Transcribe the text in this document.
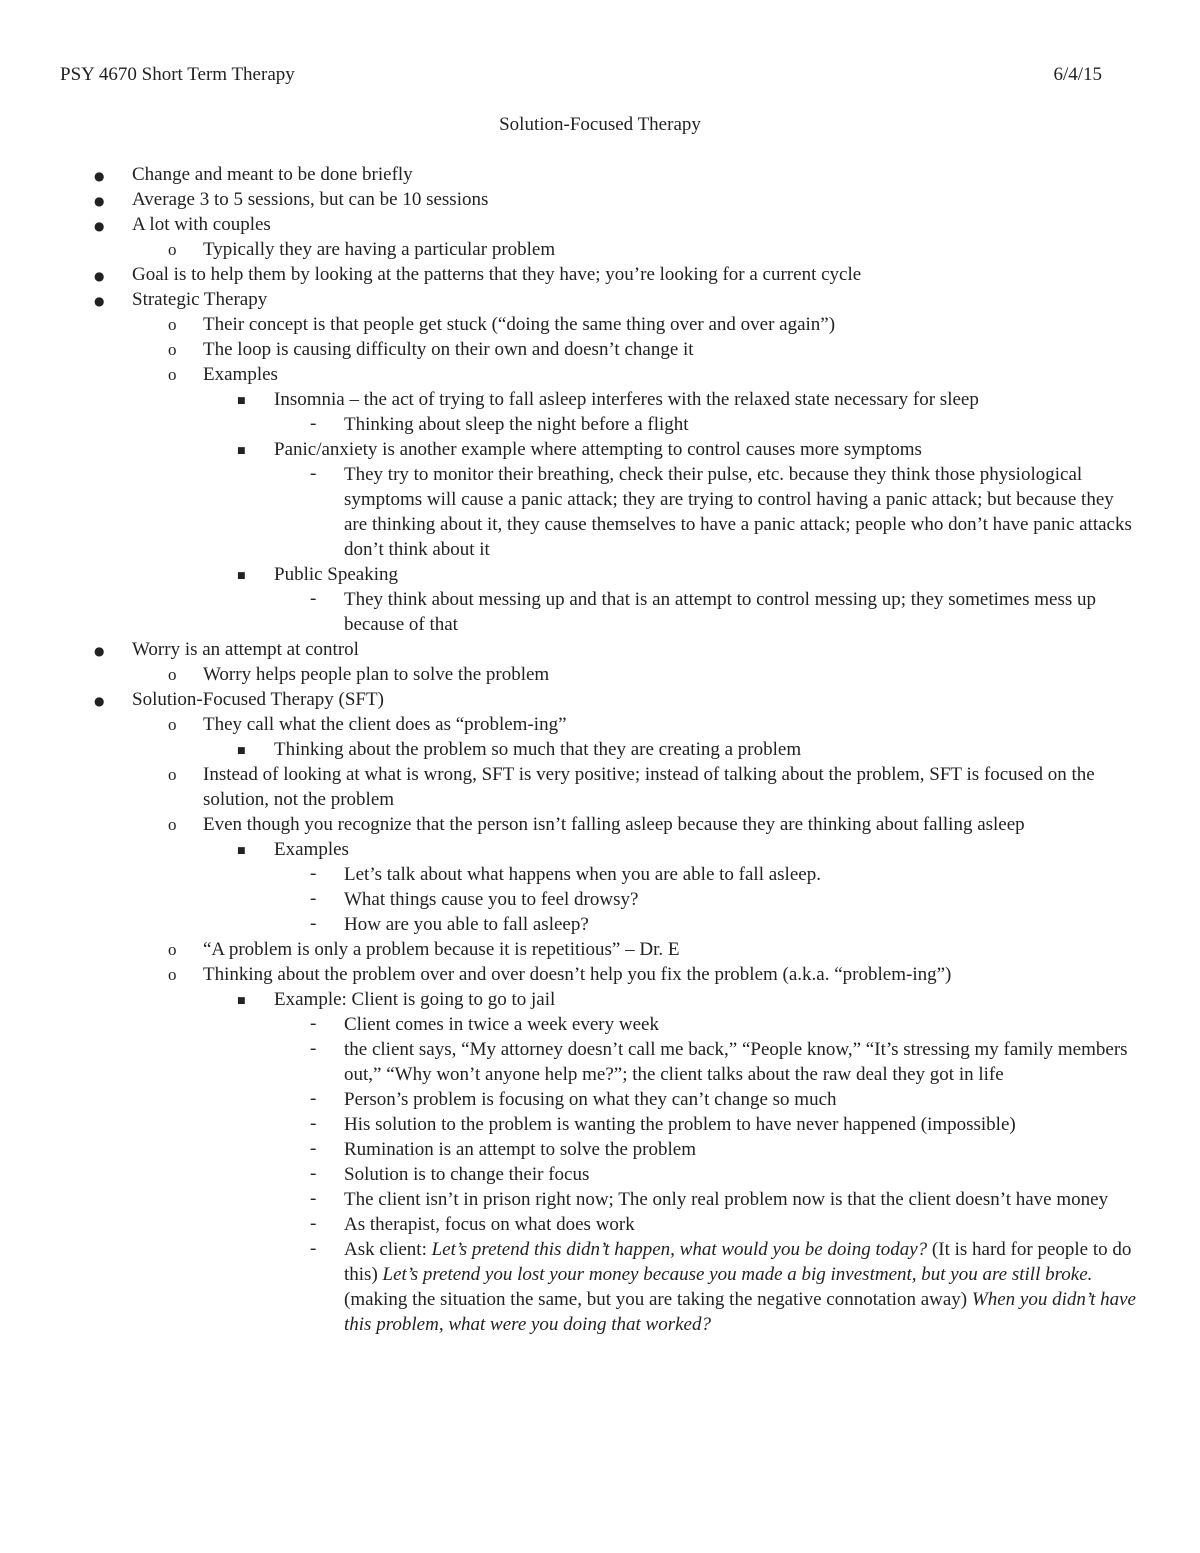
PSY 4670 Short Term Therapy	6/4/15
Solution-Focused Therapy
●
Change and meant to be done briefly
●
Average 3 to 5 sessions, but can be 10 sessions
●
A lot with couples
o
Typically they are having a particular problem
●
Goal is to help them by looking at the patterns that they have; you’re looking for a current cycle
●
Strategic Therapy
o
Their concept is that people get stuck (“doing the same thing over and over again”)
o
The loop is causing difficulty on their own and doesn’t change it
o
Examples
■
Insomnia – the act of trying to fall asleep interferes with the relaxed state necessary for sleep
-
Thinking about sleep the night before a flight
■
Panic/anxiety is another example where attempting to control causes more symptoms
-
They try to monitor their breathing, check their pulse, etc. because they think those physiological symptoms will cause a panic attack; they are trying to control having a panic attack; but because they are thinking about it, they cause themselves to have a panic attack; people who don’t have panic attacks don’t think about it
■
Public Speaking
-
They think about messing up and that is an attempt to control messing up; they sometimes mess up because of that
●
Worry is an attempt at control
o
Worry helps people plan to solve the problem
●
Solution-Focused Therapy (SFT)
o
They call what the client does as “problem-ing”
■
Thinking about the problem so much that they are creating a problem
o
Instead of looking at what is wrong, SFT is very positive; instead of talking about the problem, SFT is focused on the solution, not the problem
o
Even though you recognize that the person isn’t falling asleep because they are thinking about falling asleep
■
Examples
-
Let’s talk about what happens when you are able to fall asleep.
-
What things cause you to feel drowsy?
-
How are you able to fall asleep?
o
“A problem is only a problem because it is repetitious” – Dr. E
o
Thinking about the problem over and over doesn’t help you fix the problem (a.k.a. “problem-ing”)
■
Example: Client is going to go to jail
-
Client comes in twice a week every week
-
the client says, “My attorney doesn’t call me back,” “People know,” “It’s stressing my family members out,” “Why won’t anyone help me?”; the client talks about the raw deal they got in life
-
Person’s problem is focusing on what they can’t change so much
-
His solution to the problem is wanting the problem to have never happened (impossible)
-
Rumination is an attempt to solve the problem
-
Solution is to change their focus
-
The client isn’t in prison right now; The only real problem now is that the client doesn’t have money
-
As therapist, focus on what does work
-
Ask client: Let’s pretend this didn’t happen, what would you be doing today? (It is hard for people to do this) Let’s pretend you lost your money because you made a big investment, but you are still broke. (making the situation the same, but you are taking the negative connotation away) When you didn’t have this problem, what were you doing that worked?
